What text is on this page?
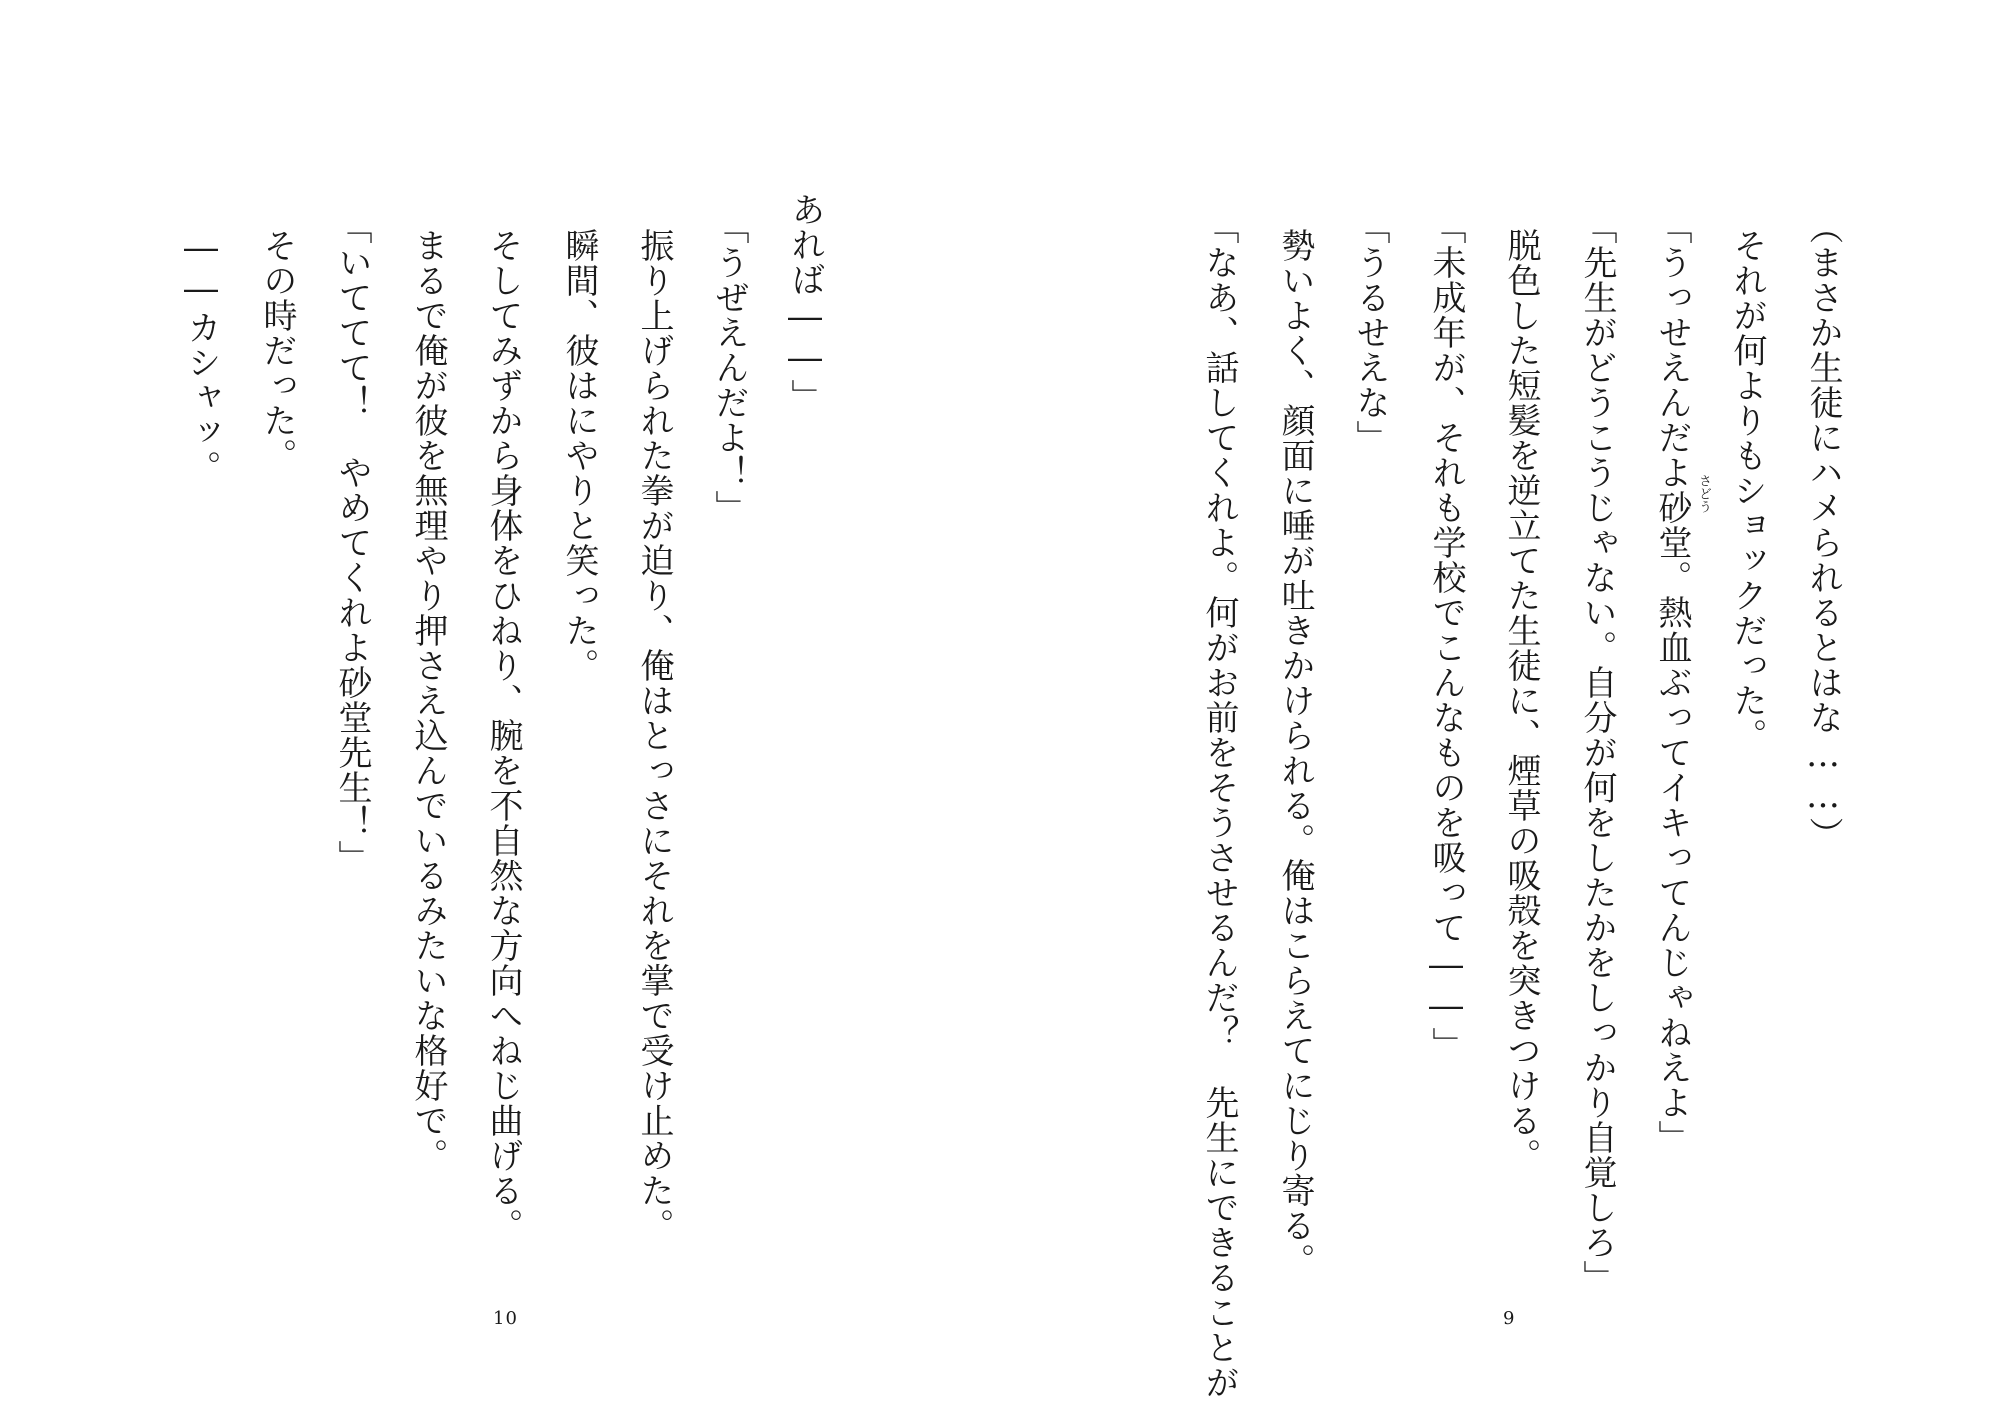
（まさか生徒にハメられるとはな……）
それが何よりもショックだった。
「うっせえんだよ砂堂。熱血ぶってイキってんじゃねえよ」 さどう
「先生がどうこうじゃない。自分が何をしたかをしっかり自覚しろ」
脱色した短髪を逆立てた生徒に、煙草の吸殻を突きつける。
「未成年が、それも学校でこんなものを吸って――」
「うるせえな」
勢いよく、顔面に唾が吐きかけられる。俺はこらえてにじり寄る。
「なあ、話してくれよ。何がお前をそうさせるんだ？　先生にできることが	9
あれば――」
「うぜえんだよ！」
振り上げられた拳が迫り、俺はとっさにそれを掌で受け止めた。
瞬間、彼はにやりと笑った。
そしてみずから身体をひねり、腕を不自然な方向へねじ曲げる。
まるで俺が彼を無理やり押さえ込んでいるみたいな格好で。
「いててて！　やめてくれよ砂堂先生！」
その時だった。
――カシャッ。
10
